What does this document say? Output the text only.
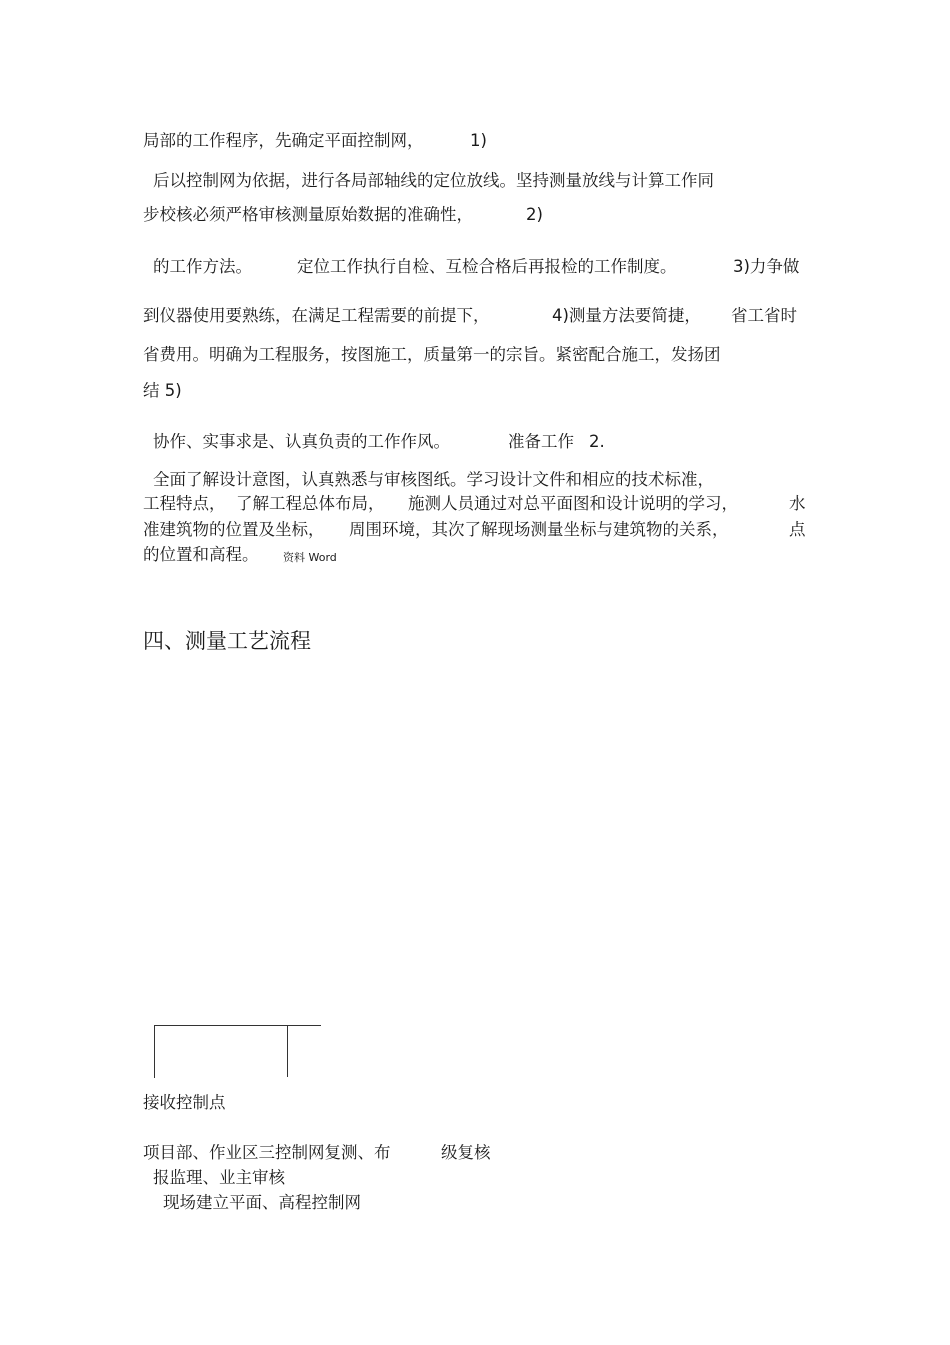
局部的工作程序，先确定平面控制网，	1)
后以控制网为依据，进行各局部轴线的定位放线。坚持测量放线与计算工作同
步校核必须严格审核测量原始数据的准确性，	2)
的工作方法。	定位工作执行自检、互检合格后再报检的工作制度。	3)力争做
到仪器使用要熟练，在满足工程需要的前提下，	4)测量方法要简捷， 省工省时
省费用。明确为工程服务，按图施工，质量第一的宗旨。紧密配合施工，发扬团
结 5)
协作、实事求是、认真负责的工作作风。	准备工作 2.
全面了解设计意图，认真熟悉与审核图纸。学习设计文件和相应的技术标准，
工程特点， 了解工程总体布局， 施测人员通过对总平面图和设计说明的学习，	水
准建筑物的位置及坐标， 周围环境，其次了解现场测量坐标与建筑物的关系，	点
的位置和高程。 资料 Word
四、测量工艺流程
接收控制点
项目部、作业区三控制网复测、布	级复核
报监理、业主审核
现场建立平面、高程控制网
